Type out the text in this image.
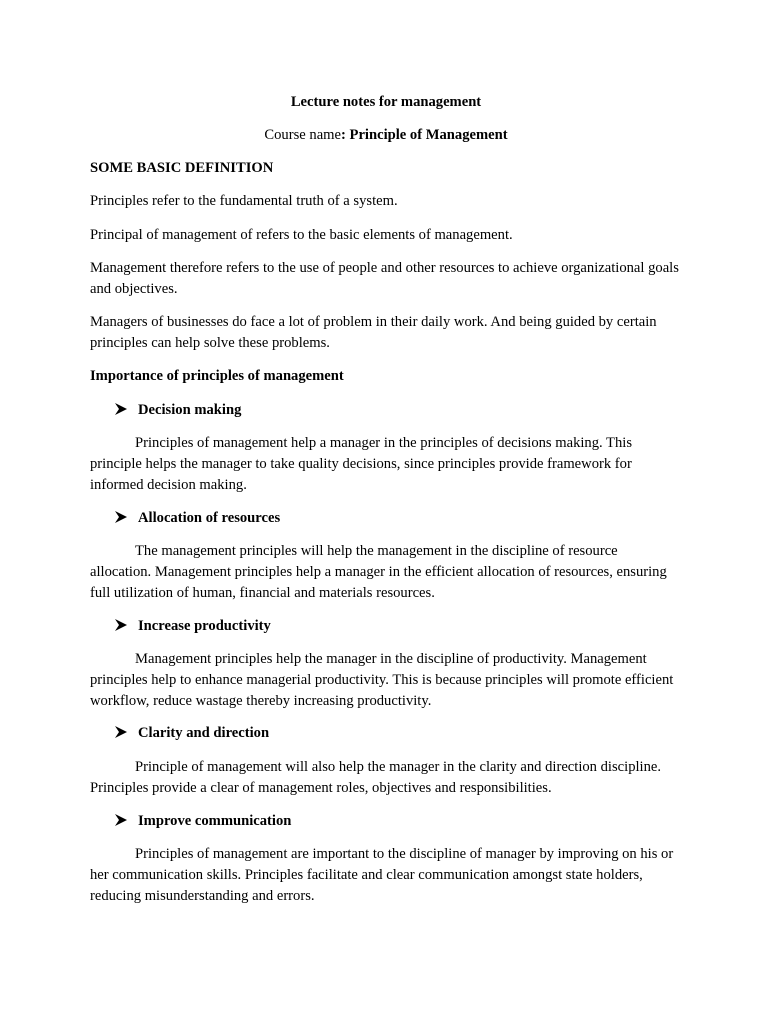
Lecture notes for management
Course name: Principle of Management
SOME BASIC DEFINITION

Principles refer to the fundamental truth of a system.

Principal of management of refers to the basic elements of management.

Management therefore refers to the use of people and other resources to achieve organizational goals and objectives.

Managers of businesses do face a lot of problem in their daily work. And being guided by certain principles can help solve these problems.

Importance of principles of management
Decision making

Principles of management help a manager in the principles of decisions making. This principle helps the manager to take quality decisions, since principles provide framework for informed decision making.

Allocation of resources

The management principles will help the management in the discipline of resource allocation. Management principles help a manager in the efficient allocation of resources, ensuring full utilization of human, financial and materials resources.

Increase productivity

Management principles help the manager in the discipline of productivity. Management principles help to enhance managerial productivity. This is because principles will promote efficient workflow, reduce wastage thereby increasing productivity.

Clarity and direction

Principle of management will also help the manager in the clarity and direction discipline. Principles provide a clear of management roles, objectives and responsibilities.

Improve communication

Principles of management are important to the discipline of manager by improving on his or her communication skills. Principles facilitate and clear communication amongst state holders, reducing misunderstanding and errors.
